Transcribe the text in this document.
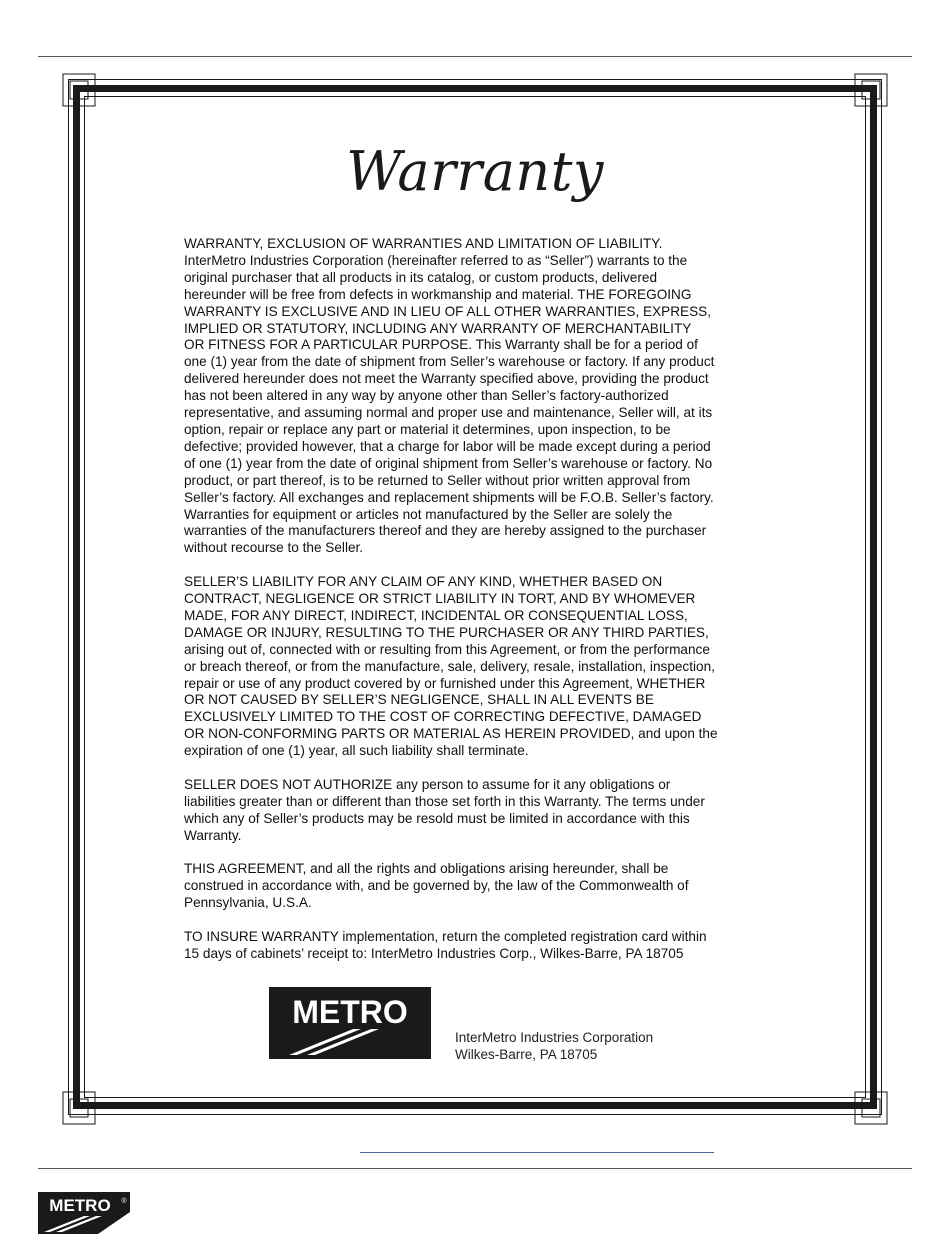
Warranty
WARRANTY, EXCLUSION OF WARRANTIES AND LIMITATION OF LIABILITY.
InterMetro Industries Corporation (hereinafter referred to as “Seller”) warrants to the
original purchaser that all products in its catalog, or custom products, delivered
hereunder will be free from defects in workmanship and material. THE FOREGOING
WARRANTY IS EXCLUSIVE AND IN LIEU OF ALL OTHER WARRANTIES, EXPRESS,
IMPLIED OR STATUTORY, INCLUDING ANY WARRANTY OF MERCHANTABILITY
OR FITNESS FOR A PARTICULAR PURPOSE. This Warranty shall be for a period of
one (1) year from the date of shipment from Seller’s warehouse or factory. If any product
delivered hereunder does not meet the Warranty specified above, providing the product
has not been altered in any way by anyone other than Seller’s factory-authorized
representative, and assuming normal and proper use and maintenance, Seller will, at its
option, repair or replace any part or material it determines, upon inspection, to be
defective; provided however, that a charge for labor will be made except during a period
of one (1) year from the date of original shipment from Seller’s warehouse or factory. No
product, or part thereof, is to be returned to Seller without prior written approval from
Seller’s factory. All exchanges and replacement shipments will be F.O.B. Seller’s factory.
Warranties for equipment or articles not manufactured by the Seller are solely the
warranties of the manufacturers thereof and they are hereby assigned to the purchaser
without recourse to the Seller.
SELLER’S LIABILITY FOR ANY CLAIM OF ANY KIND, WHETHER BASED ON
CONTRACT, NEGLIGENCE OR STRICT LIABILITY IN TORT, AND BY WHOMEVER
MADE, FOR ANY DIRECT, INDIRECT, INCIDENTAL OR CONSEQUENTIAL LOSS,
DAMAGE OR INJURY, RESULTING TO THE PURCHASER OR ANY THIRD PARTIES,
arising out of, connected with or resulting from this Agreement, or from the performance
or breach thereof, or from the manufacture, sale, delivery, resale, installation, inspection,
repair or use of any product covered by or furnished under this Agreement, WHETHER
OR NOT CAUSED BY SELLER’S NEGLIGENCE, SHALL IN ALL EVENTS BE
EXCLUSIVELY LIMITED TO THE COST OF CORRECTING DEFECTIVE, DAMAGED
OR NON-CONFORMING PARTS OR MATERIAL AS HEREIN PROVIDED, and upon the
expiration of one (1) year, all such liability shall terminate.
SELLER DOES NOT AUTHORIZE any person to assume for it any obligations or
liabilities greater than or different than those set forth in this Warranty. The terms under
which any of Seller’s products may be resold must be limited in accordance with this
Warranty.
THIS AGREEMENT, and all the rights and obligations arising hereunder, shall be
construed in accordance with, and be governed by, the law of the Commonwealth of
Pennsylvania, U.S.A.
TO INSURE WARRANTY implementation, return the completed registration card within
15 days of cabinets’ receipt to: InterMetro Industries Corp., Wilkes-Barre, PA 18705
METRO
InterMetro Industries Corporation
Wilkes-Barre, PA 18705
METRO ®
